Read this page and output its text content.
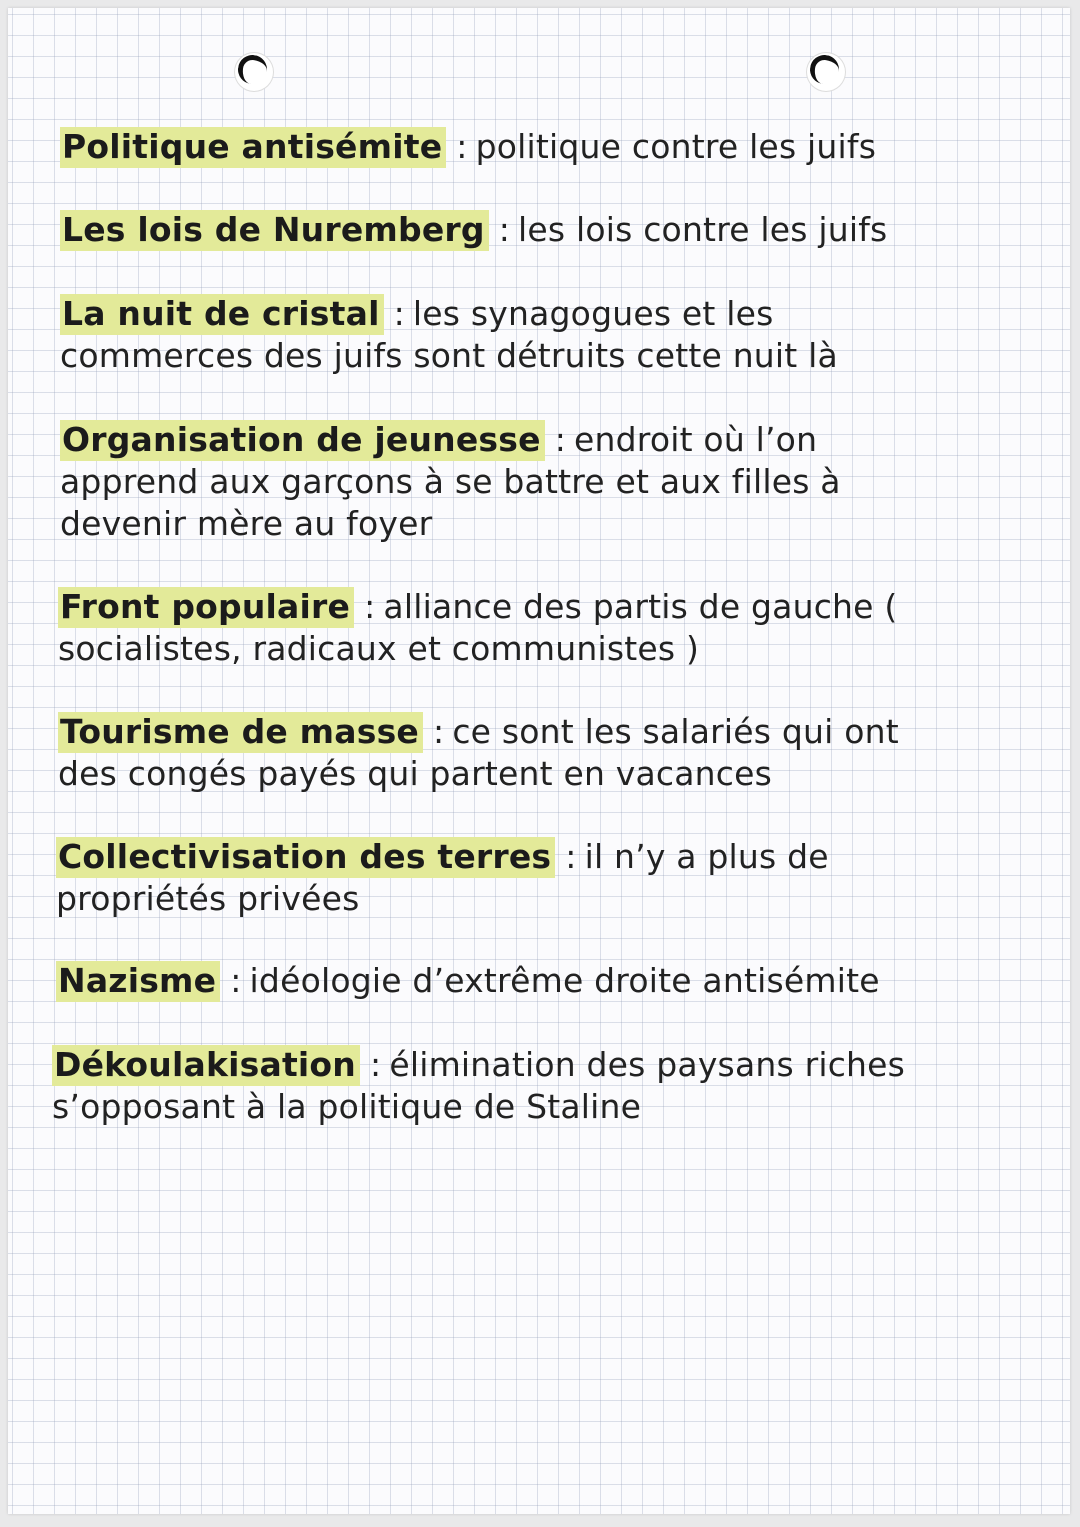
Politique antisémite : politique contre les juifs
Les lois de Nuremberg : les lois contre les juifs
La nuit de cristal : les synagogues et les commerces des juifs sont détruits cette nuit là
Organisation de jeunesse : endroit où l’on apprend aux garçons à se battre et aux filles à devenir mère au foyer
Front populaire : alliance des partis de gauche ( socialistes, radicaux et communistes )
Tourisme de masse : ce sont les salariés qui ont des congés payés qui partent en vacances
Collectivisation des terres : il n’y a plus de propriétés privées
Nazisme : idéologie d’extrême droite antisémite
Dékoulakisation : élimination des paysans riches s’opposant à la politique de Staline
